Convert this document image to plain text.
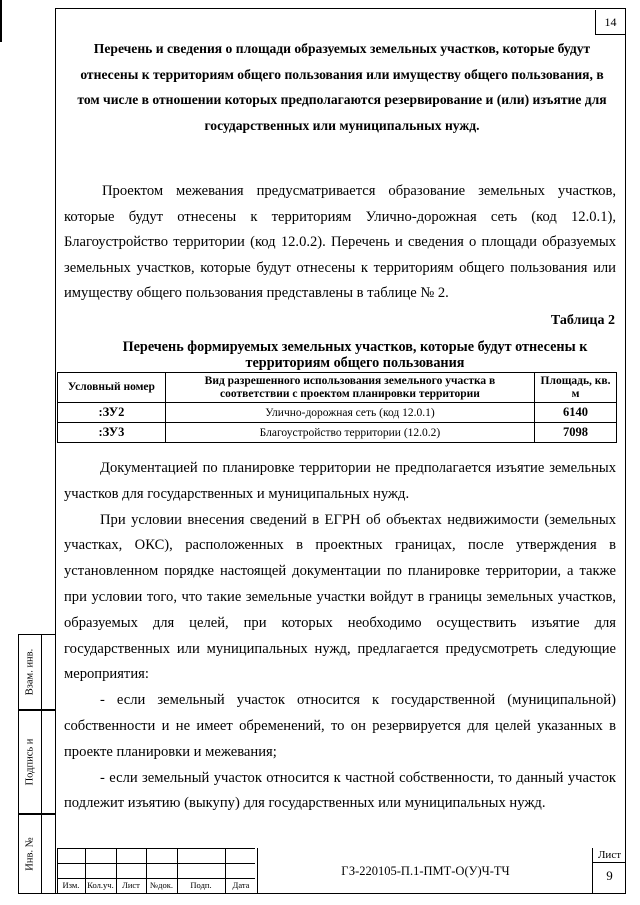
14
Перечень и сведения о площади образуемых земельных участков, которые будут отнесены к территориям общего пользования или имуществу общего пользования, в том числе в отношении которых предполагаются резервирование и (или) изъятие для государственных или муниципальных нужд.

Проектом межевания предусматривается образование земельных участков, которые будут отнесены к территориям Улично-дорожная сеть (код 12.0.1), Благоустройство территории (код 12.0.2). Перечень и сведения о площади образуемых земельных участков, которые будут отнесены к территориям общего пользования или имуществу общего пользования представлены в таблице № 2.

Таблица 2
Перечень формируемых земельных участков, которые будут отнесены к территориям общего пользования
Условный номер	Вид разрешенного использования земельного участка в соответствии с проектом планировки территории	Площадь, кв. м
:ЗУ2	Улично-дорожная сеть (код 12.0.1)	6140
:ЗУ3	Благоустройство территории (12.0.2)	7098

Документацией по планировке территории не предполагается изъятие земельных участков для государственных и муниципальных нужд.

При условии внесения сведений в ЕГРН об объектах недвижимости (земельных участках, ОКС), расположенных в проектных границах, после утверждения в установленном порядке настоящей документации по планировке территории, а также при условии того, что такие земельные участки войдут в границы земельных участков, образуемых для целей, при которых необходимо осуществить изъятие для государственных или муниципальных нужд, предлагается предусмотреть следующие мероприятия:

- если земельный участок относится к государственной (муниципальной) собственности и не имеет обременений, то он резервируется для целей указанных в проекте планировки и межевания;

- если земельный участок относится к частной собственности, то данный участок подлежит изъятию (выкупу) для государственных или муниципальных нужд.

Взам. инв.
Подпись и
Инв. №
Изм. Кол.уч. Лист	№док.	Подп.	Дата
ГЗ-220105-П.1-ПМТ-О(У)Ч-ТЧ
Лист
9
